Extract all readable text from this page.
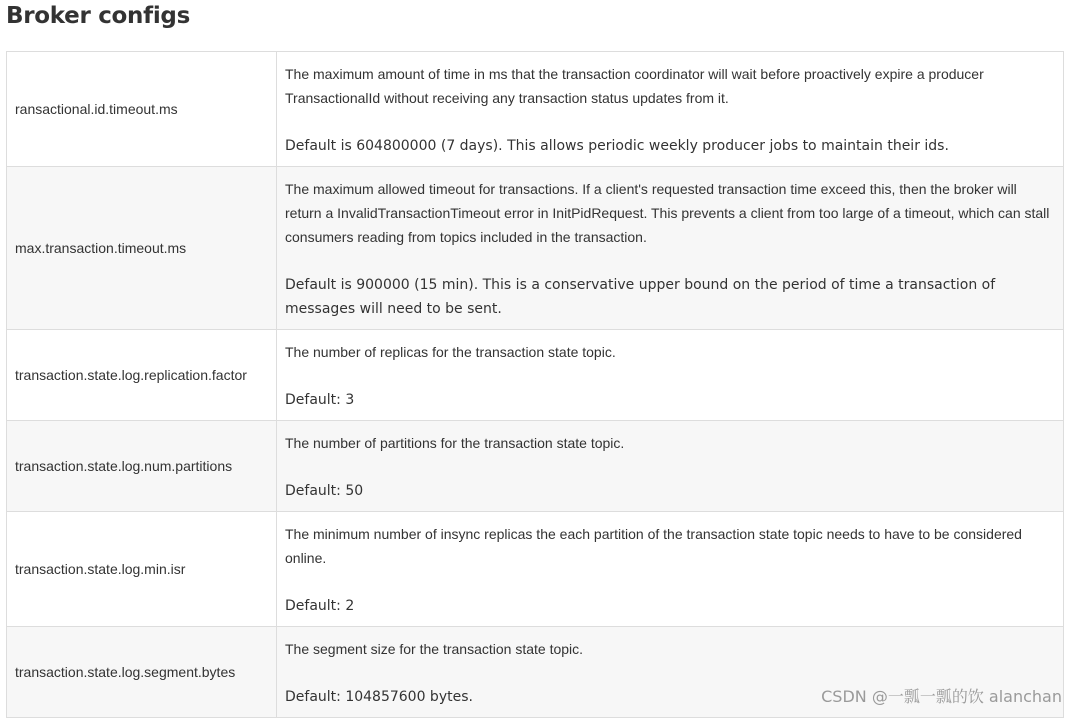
Broker configs
ransactional.id.timeout.ms	The maximum amount of time in ms that the transaction coordinator will wait before proactively expire a producer TransactionalId without receiving any transaction status updates from it.

Default is 604800000 (7 days). This allows periodic weekly producer jobs to maintain their ids.

max.transaction.timeout.ms	The maximum allowed timeout for transactions. If a client's requested transaction time exceed this, then the broker will return a InvalidTransactionTimeout error in InitPidRequest. This prevents a client from too large of a timeout, which can stall consumers reading from topics included in the transaction.

Default is 900000 (15 min). This is a conservative upper bound on the period of time a transaction of messages will need to be sent.

transaction.state.log.replication.factor	The number of replicas for the transaction state topic.

Default: 3

transaction.state.log.num.partitions	The number of partitions for the transaction state topic.

Default: 50

transaction.state.log.min.isr	The minimum number of insync replicas the each partition of the transaction state topic needs to have to be considered online.

Default: 2

transaction.state.log.segment.bytes	The segment size for the transaction state topic.

Default: 104857600 bytes.	CSDN @一瓢一瓢的饮 alanchan
